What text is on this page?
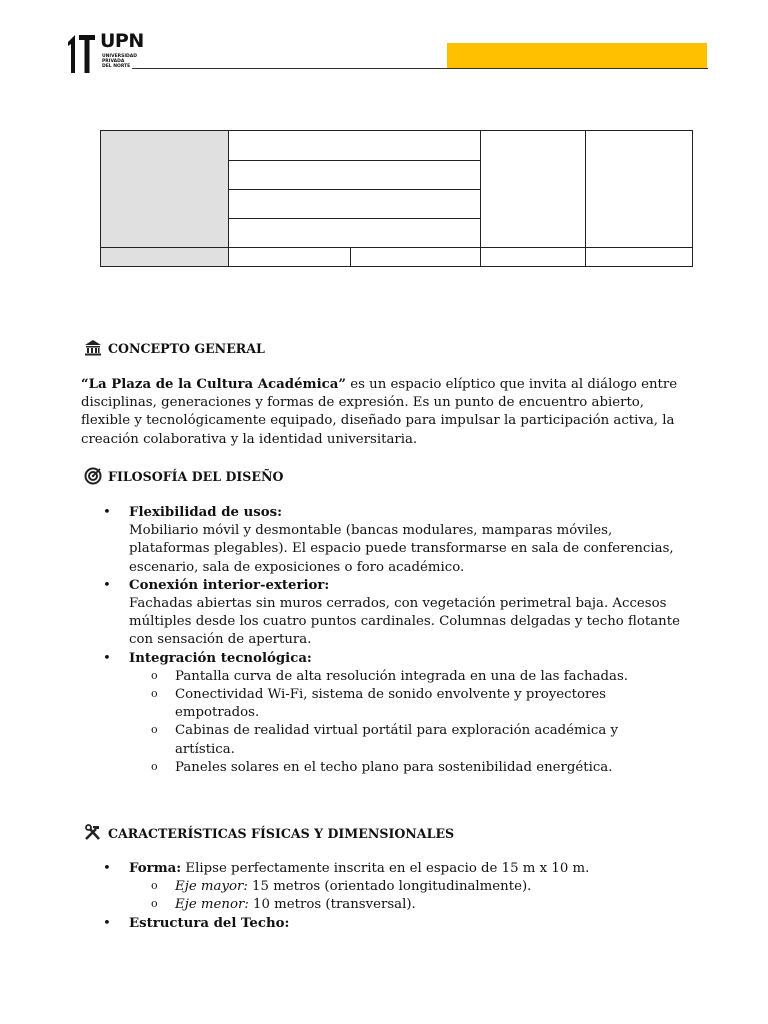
UPN
UNIVERSIDAD
PRIVADA
DEL NORTE

CONCEPTO GENERAL
“La Plaza de la Cultura Académica” es un espacio elíptico que invita al diálogo entre disciplinas, generaciones y formas de expresión. Es un punto de encuentro abierto, flexible y tecnológicamente equipado, diseñado para impulsar la participación activa, la creación colaborativa y la identidad universitaria.
FILOSOFÍA DEL DISEÑO
• Flexibilidad de usos:
Mobiliario móvil y desmontable (bancas modulares, mamparas móviles, plataformas plegables). El espacio puede transformarse en sala de conferencias, escenario, sala de exposiciones o foro académico.
• Conexión interior-exterior:
Fachadas abiertas sin muros cerrados, con vegetación perimetral baja. Accesos múltiples desde los cuatro puntos cardinales. Columnas delgadas y techo flotante con sensación de apertura.
• Integración tecnológica:
o Pantalla curva de alta resolución integrada en una de las fachadas.
o Conectividad Wi-Fi, sistema de sonido envolvente y proyectores empotrados.
o Cabinas de realidad virtual portátil para exploración académica y artística.
o Paneles solares en el techo plano para sostenibilidad energética.
CARACTERÍSTICAS FÍSICAS Y DIMENSIONALES
• Forma: Elipse perfectamente inscrita en el espacio de 15 m x 10 m.
o Eje mayor: 15 metros (orientado longitudinalmente).
o Eje menor: 10 metros (transversal).
• Estructura del Techo:
